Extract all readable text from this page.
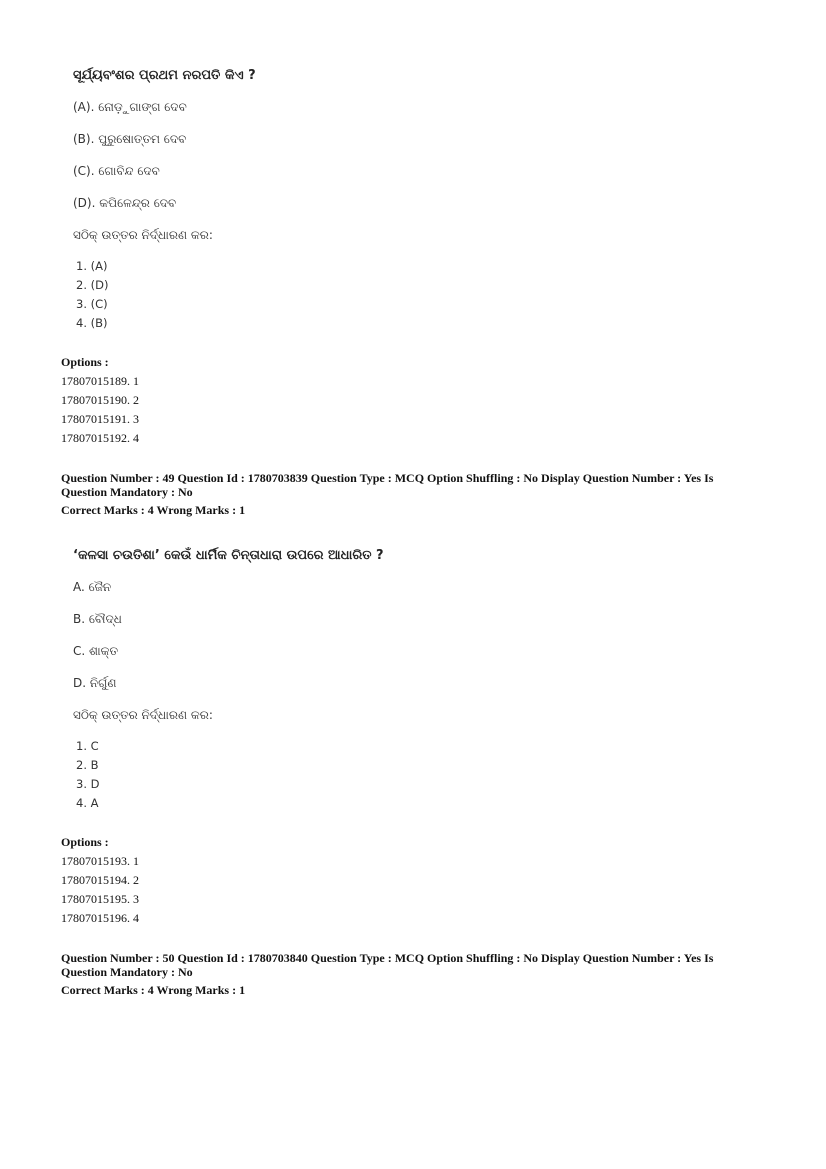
ସୂର୍ଯ୍ୟବଂଶର ପ୍ରଥମ ନରପତି କିଏ ?
(A). ନୋଡ଼ୁଗାଙ୍ଗ ଦେବ
(B). ପୁରୁଷୋତ୍ତମ ଦେବ
(C). ଗୋବିନ୍ଦ ଦେବ
(D). କପିଳେନ୍ଦ୍ର ଦେବ
ସଠିକ୍ ଉତ୍ତର ନିର୍ଦ୍ଧାରଣ କର:
1. (A)
2. (D)
3. (C)
4. (B)
Options :
17807015189. 1
17807015190. 2
17807015191. 3
17807015192. 4
Question Number : 49 Question Id : 1780703839 Question Type : MCQ Option Shuffling : No Display Question Number : Yes Is
Question Mandatory : No
Correct Marks : 4 Wrong Marks : 1
‘କଳସା ଚଉତିଶା’ କେଉଁ ଧାର୍ମିକ ଚିନ୍ତାଧାରା ଉପରେ ଆଧାରିତ ?
A. ଜୈନ
B. ବୌଦ୍ଧ
C. ଶାକ୍ତ
D. ନିର୍ଗୁଣ
ସଠିକ୍ ଉତ୍ତର ନିର୍ଦ୍ଧାରଣ କର:
1. C
2. B
3. D
4. A
Options :
17807015193. 1
17807015194. 2
17807015195. 3
17807015196. 4
Question Number : 50 Question Id : 1780703840 Question Type : MCQ Option Shuffling : No Display Question Number : Yes Is
Question Mandatory : No
Correct Marks : 4 Wrong Marks : 1
